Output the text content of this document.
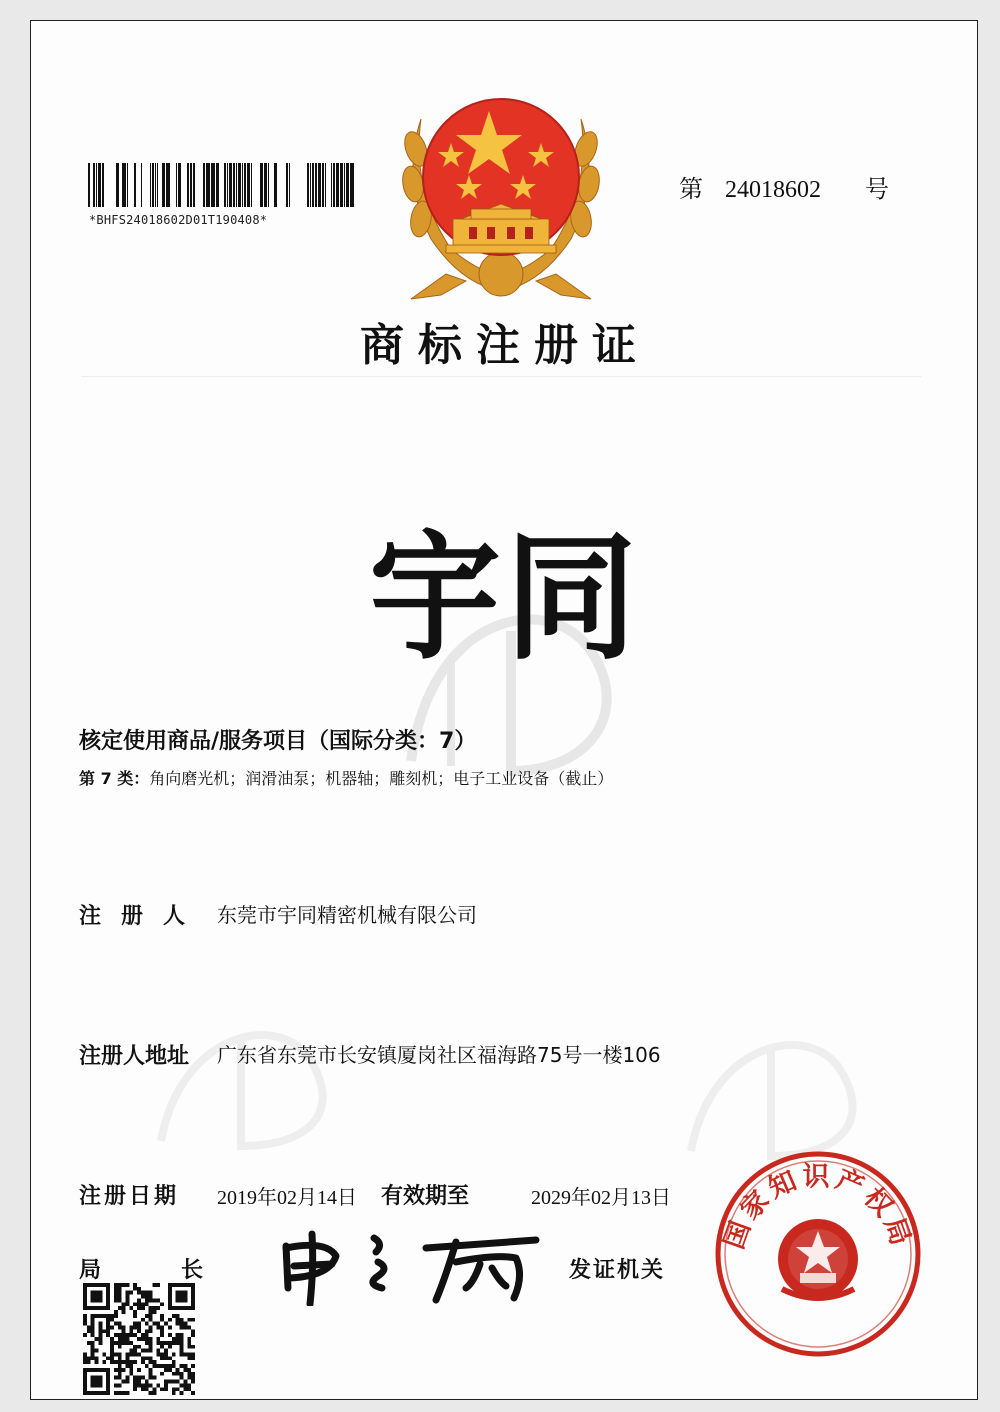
*BHFS24018602D01T190408*
第 24018602 号
商标注册证
宇同
核定使用商品/服务项目（国际分类：7）
第 7 类：角向磨光机；润滑油泵；机器轴；雕刻机；电子工业设备（截止）
注册人 东莞市宇同精密机械有限公司
注册人地址 广东省东莞市长安镇厦岗社区福海路75号一楼106
注册日期 2019年02月14日 有效期至	2029年02月13日
局长	发证机关
国家知识产权局
